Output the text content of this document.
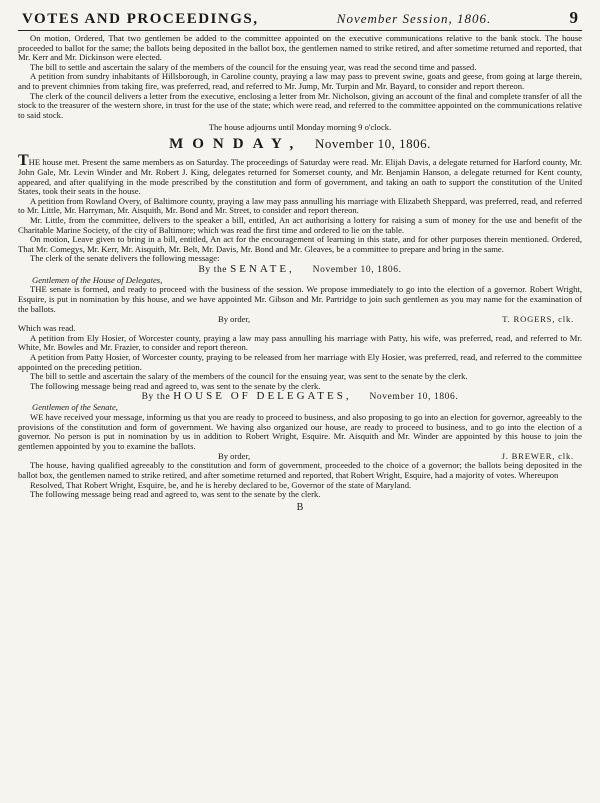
VOTES AND PROCEEDINGS,	November Session, 1806.	9

On motion, Ordered, That two gentlemen be added to the committee appointed on the executive communications relative to the bank stock. The house proceeded to ballot for the same; the ballots being deposited in the ballot box, the gentlemen named to strike retired, and after sometime returned and reported, that Mr. Kerr and Mr. Dickinson were elected.

The bill to settle and ascertain the salary of the members of the council for the ensuing year, was read the second time and passed.

A petition from sundry inhabitants of Hillsborough, in Caroline county, praying a law may pass to prevent swine, goats and geese, from going at large therein, and to prevent chimnies from taking fire, was preferred, read, and referred to Mr. Jump, Mr. Turpin and Mr. Bayard, to consider and report thereon.

The clerk of the council delivers a letter from the executive, enclosing a letter from Mr. Nicholson, giving an account of the final and complete transfer of all the stock to the treasurer of the western shore, in trust for the use of the state; which were read, and referred to the committee appointed on the communications relative to said stock.

The house adjourns until Monday morning 9 o'clock.
MONDAY, November 10, 1806.

THE house met. Present the same members as on Saturday. The proceedings of Saturday were read. Mr. Elijah Davis, a delegate returned for Harford county, Mr. John Gale, Mr. Levin Winder and Mr. Robert J. King, delegates returned for Somerset county, and Mr. Benjamin Hanson, a delegate returned for Kent county, appeared, and after qualifying in the mode prescribed by the constitution and form of government, and taking an oath to support the constitution of the United States, took their seats in the house.

A petition from Rowland Overy, of Baltimore county, praying a law may pass annulling his marriage with Elizabeth Sheppard, was preferred, read, and referred to Mr. Little, Mr. Harryman, Mr. Aisquith, Mr. Bond and Mr. Street, to consider and report thereon.

Mr. Little, from the committee, delivers to the speaker a bill, entitled, An act authorising a lottery for raising a sum of money for the use and benefit of the Charitable Marine Society, of the city of Baltimore; which was read the first time and ordered to lie on the table.

On motion, Leave given to bring in a bill, entitled, An act for the encouragement of learning in this state, and for other purposes therein mentioned. Ordered, That Mr. Comegys, Mr. Kerr, Mr. Aisquith, Mr. Belt, Mr. Davis, Mr. Bond and Mr. Gleaves, be a committee to prepare and bring in the same.

The clerk of the senate delivers the following message:

By the SENATE, November 10, 1806.
Gentlemen of the House of Delegates,

THE senate is formed, and ready to proceed with the business of the session. We propose immediately to go into the election of a governor. Robert Wright, Esquire, is put in nomination by this house, and we have appointed Mr. Gibson and Mr. Partridge to join such gentlemen as you may name for the examination of the ballots.

By order,	T. ROGERS, clk.

Which was read.

A petition from Ely Hosier, of Worcester county, praying a law may pass annulling his marriage with Patty, his wife, was preferred, read, and referred to Mr. White, Mr. Bowles and Mr. Frazier, to consider and report thereon.

A petition from Patty Hosier, of Worcester county, praying to be released from her marriage with Ely Hosier, was preferred, read, and referred to the committee appointed on the preceding petition.

The bill to settle and ascertain the salary of the members of the council for the ensuing year, was sent to the senate by the clerk.

The following message being read and agreed to, was sent to the senate by the clerk.

By the HOUSE OF DELEGATES, November 10, 1806.
Gentlemen of the Senate,

WE have received your message, informing us that you are ready to proceed to business, and also proposing to go into an election for governor, agreeably to the provisions of the constitution and form of government. We having also organized our house, are ready to proceed to business, and to go into the election of a governor. No person is put in nomination by us in addition to Robert Wright, Esquire. Mr. Aisquith and Mr. Winder are appointed by this house to join the gentlemen appointed by you to examine the ballots.

By order,	J. BREWER, clk.

The house, having qualified agreeably to the constitution and form of government, proceeded to the choice of a governor; the ballots being deposited in the ballot box, the gentlemen named to strike retired, and after sometime returned and reported, that Robert Wright, Esquire, had a majority of votes. Whereupon

Resolved, That Robert Wright, Esquire, be, and he is hereby declared to be, Governor of the state of Maryland.

The following message being read and agreed to, was sent to the senate by the clerk.

B
